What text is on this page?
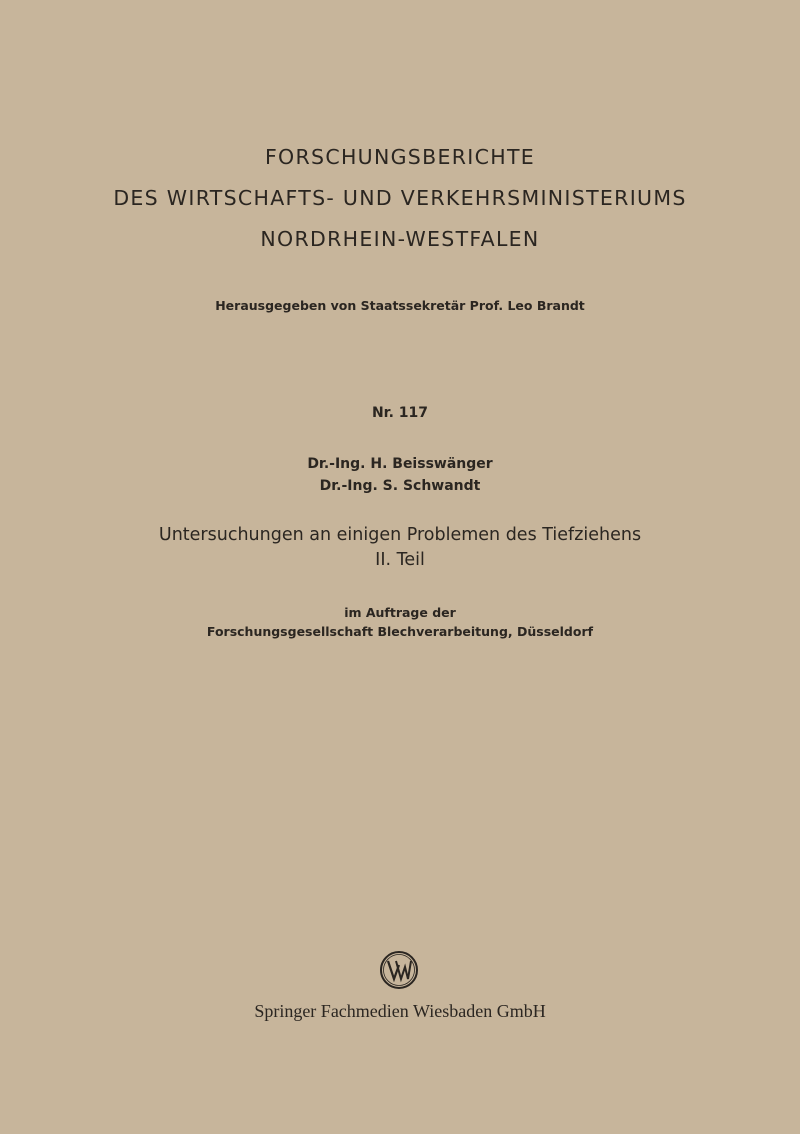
FORSCHUNGSBERICHTE
DES WIRTSCHAFTS- UND VERKEHRSMINISTERIUMS
NORDRHEIN-WESTFALEN
Herausgegeben von Staatssekretär Prof. Leo Brandt
Nr. 117
Dr.-Ing. H. Beisswänger
Dr.-Ing. S. Schwandt
Untersuchungen an einigen Problemen des Tiefziehens
II. Teil
im Auftrage der
Forschungsgesellschaft Blechverarbeitung, Düsseldorf
Springer Fachmedien Wiesbaden GmbH
